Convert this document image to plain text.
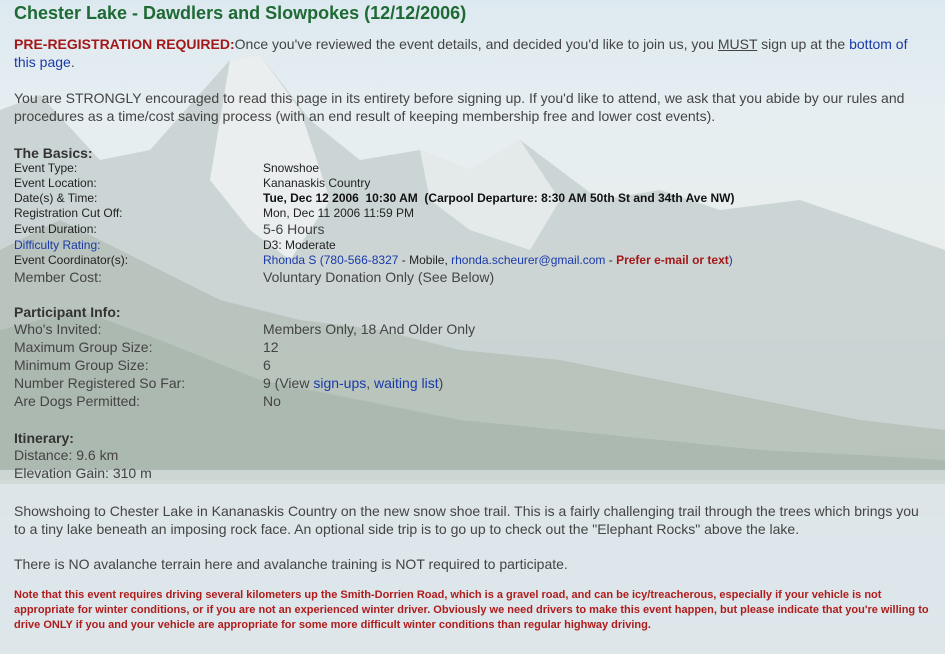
Chester Lake - Dawdlers and Slowpokes (12/12/2006)

PRE-REGISTRATION REQUIRED:Once you've reviewed the event details, and decided you'd like to join us, you MUST sign up at the bottom of this page.

You are STRONGLY encouraged to read this page in its entirety before signing up. If you'd like to attend, we ask that you abide by our rules and procedures as a time/cost saving process (with an end result of keeping membership free and lower cost events).

The Basics:

Event Type:	Snowshoe
Event Location:	Kananaskis Country
Date(s) & Time:	Tue, Dec 12 2006  10:30 AM  (Carpool Departure: 8:30 AM 50th St and 34th Ave NW)
Registration Cut Off:	Mon, Dec 11 2006 11:59 PM
Event Duration:	5-6 Hours
Difficulty Rating:	D3: Moderate
Event Coordinator(s):	Rhonda S (780-566-8327 - Mobile, rhonda.scheurer@gmail.com - Prefer e-mail or text)
Member Cost:	Voluntary Donation Only (See Below)

Participant Info:

Who's Invited:	Members Only, 18 And Older Only
Maximum Group Size:	12
Minimum Group Size:	6
Number Registered So Far:	9 (View sign-ups, waiting list)
Are Dogs Permitted:	No

Itinerary:

Distance: 9.6 km

Elevation Gain: 310 m

Showshoing to Chester Lake in Kananaskis Country on the new snow shoe trail. This is a fairly challenging trail through the trees which brings you to a tiny lake beneath an imposing rock face. An optional side trip is to go up to check out the "Elephant Rocks" above the lake.

There is NO avalanche terrain here and avalanche training is NOT required to participate.

Note that this event requires driving several kilometers up the Smith-Dorrien Road, which is a gravel road, and can be icy/treacherous, especially if your vehicle is not appropriate for winter conditions, or if you are not an experienced winter driver. Obviously we need drivers to make this event happen, but please indicate that you're willing to drive ONLY if you and your vehicle are appropriate for some more difficult winter conditions than regular highway driving.
